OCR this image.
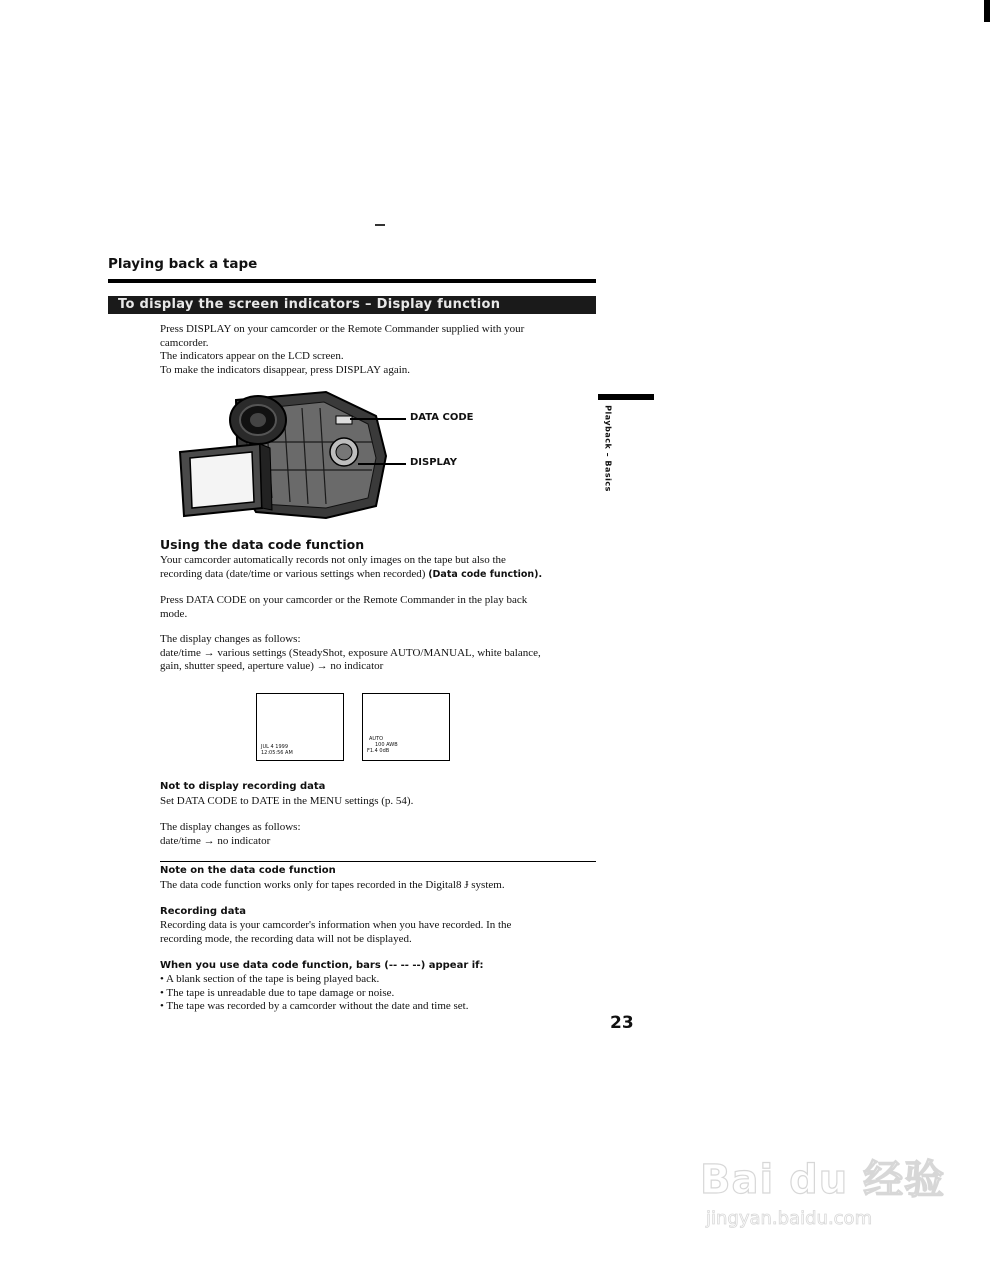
Playing back a tape
To display the screen indicators – Display function
Playback – Basics
Press DISPLAY on your camcorder or the Remote Commander supplied with your
camcorder.
The indicators appear on the LCD screen.
To make the indicators disappear, press DISPLAY again.
DATA CODE
DISPLAY
Using the data code function
Your camcorder automatically records not only images on the tape but also the
recording data (date/time or various settings when recorded) (Data code function).
Press DATA CODE on your camcorder or the Remote Commander in the play back
mode.
The display changes as follows:
date/time → various settings (SteadyShot, exposure AUTO/MANUAL, white balance,
gain, shutter speed, aperture value) → no indicator
JUL 4 1999
12:05:56 AM
AUTO
100 AWB
F1.4 0dB
Not to display recording data
Set DATA CODE to DATE in the MENU settings (p. 54).
The display changes as follows:
date/time → no indicator
Note on the data code function
The data code function works only for tapes recorded in the Digital8 Ɉ system.
Recording data
Recording data is your camcorder's information when you have recorded. In the
recording mode, the recording data will not be displayed.
When you use data code function, bars (-- -- --) appear if:
• A blank section of the tape is being played back.
• The tape is unreadable due to tape damage or noise.
• The tape was recorded by a camcorder without the date and time set.
23
Bai du 经验
jingyan.baidu.com
